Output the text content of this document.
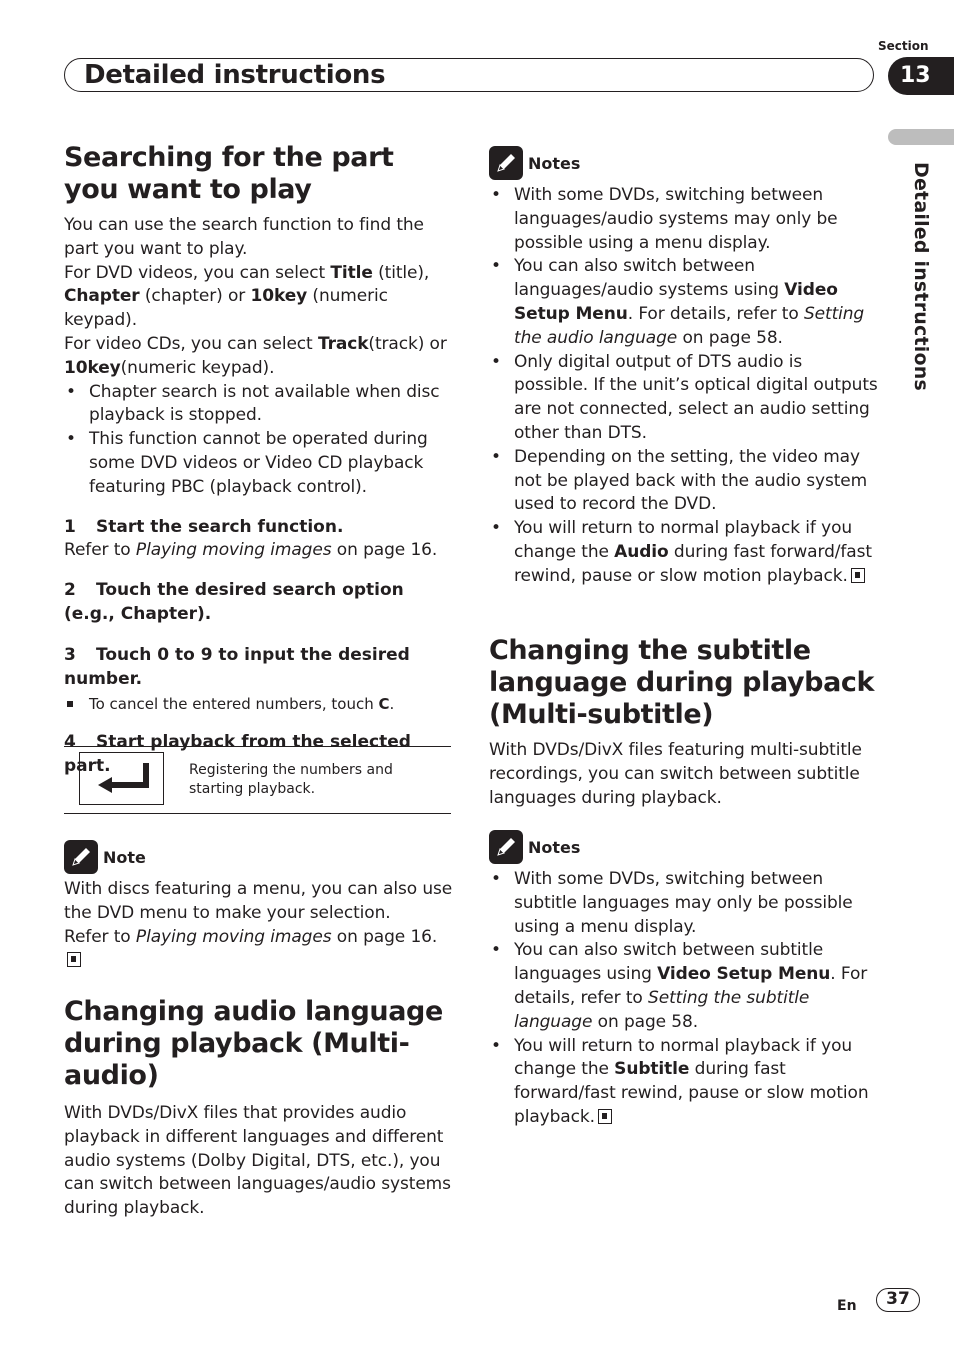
Detailed instructions
Section
13
Detailed instructions
Searching for the part you want to play
You can use the search function to find the part you want to play.
For DVD videos, you can select Title (title), Chapter (chapter) or 10key (numeric keypad).
For video CDs, you can select Track(track) or 10key(numeric keypad).
• Chapter search is not available when disc playback is stopped.
• This function cannot be operated during some DVD videos or Video CD playback featuring PBC (playback control).
1 Start the search function.
Refer to Playing moving images on page 16.
2 Touch the desired search option (e.g., Chapter).
3 Touch 0 to 9 to input the desired number.
To cancel the entered numbers, touch C.
4 Start playback from the selected part.	Registering the numbers and starting playback.
Note
With discs featuring a menu, you can also use the DVD menu to make your selection.
Refer to Playing moving images on page 16.
Changing audio language during playback (Multi-audio)
With DVDs/DivX files that provides audio playback in different languages and different audio systems (Dolby Digital, DTS, etc.), you can switch between languages/audio systems during playback.
Notes
• With some DVDs, switching between languages/audio systems may only be possible using a menu display.
• You can also switch between languages/audio systems using Video Setup Menu. For details, refer to Setting the audio language on page 58.
• Only digital output of DTS audio is possible. If the unit’s optical digital outputs are not connected, select an audio setting other than DTS.
• Depending on the setting, the video may not be played back with the audio system used to record the DVD.
• You will return to normal playback if you change the Audio during fast forward/fast rewind, pause or slow motion playback.
Changing the subtitle language during playback (Multi-subtitle)
With DVDs/DivX files featuring multi-subtitle recordings, you can switch between subtitle languages during playback.
Notes
• With some DVDs, switching between subtitle languages may only be possible using a menu display.
• You can also switch between subtitle languages using Video Setup Menu. For details, refer to Setting the subtitle language on page 58.
• You will return to normal playback if you change the Subtitle during fast forward/fast rewind, pause or slow motion playback.
En	37
